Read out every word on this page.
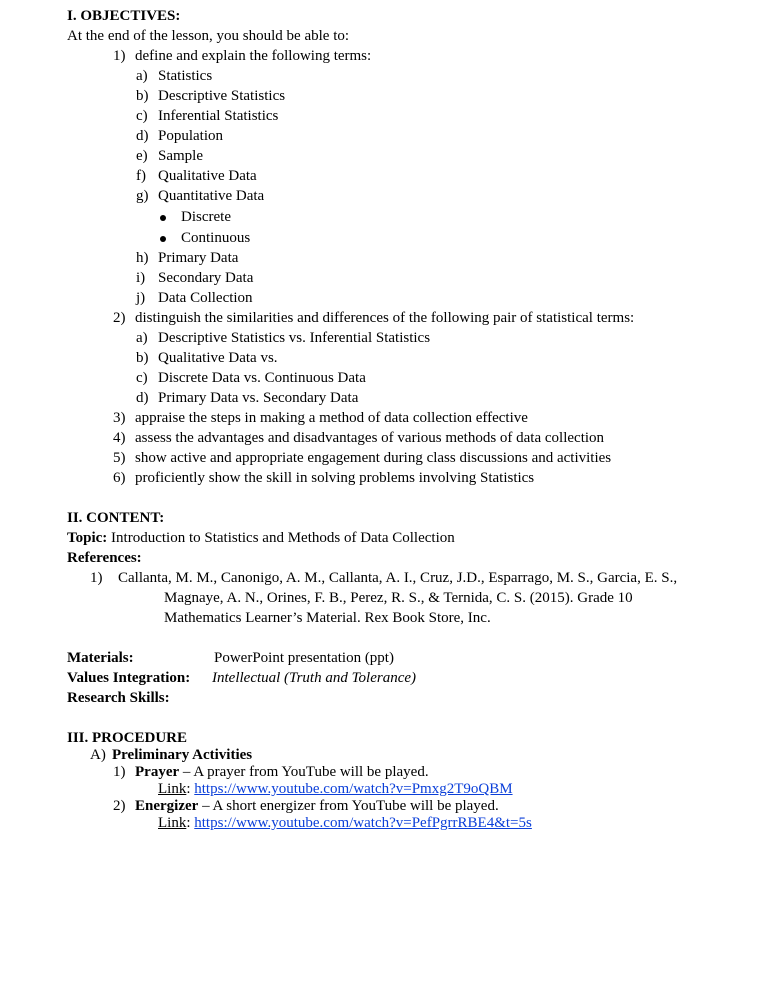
I. OBJECTIVES:
At the end of the lesson, you should be able to:
1) define and explain the following terms:
a) Statistics
b) Descriptive Statistics
c) Inferential Statistics
d) Population
e) Sample
f) Qualitative Data
g) Quantitative Data
Discrete
Continuous
h) Primary Data
i) Secondary Data
j) Data Collection
2) distinguish the similarities and differences of the following pair of statistical terms:
a) Descriptive Statistics vs. Inferential Statistics
b) Qualitative Data vs.
c) Discrete Data vs. Continuous Data
d) Primary Data vs. Secondary Data
3) appraise the steps in making a method of data collection effective
4) assess the advantages and disadvantages of various methods of data collection
5) show active and appropriate engagement during class discussions and activities
6) proficiently show the skill in solving problems involving Statistics
II. CONTENT:
Topic: Introduction to Statistics and Methods of Data Collection
References:
1) Callanta, M. M., Canonigo, A. M., Callanta, A. I., Cruz, J.D., Esparrago, M. S., Garcia, E. S.,
Magnaye, A. N., Orines, F. B., Perez, R. S., & Ternida, C. S. (2015). Grade 10
Mathematics Learner’s Material. Rex Book Store, Inc.
Materials:	PowerPoint presentation (ppt)
Values Integration: Intellectual (Truth and Tolerance)
Research Skills:
III. PROCEDURE
A) Preliminary Activities
1) Prayer – A prayer from YouTube will be played.
Link: https://www.youtube.com/watch?v=Pmxg2T9oQBM
2) Energizer – A short energizer from YouTube will be played.
Link: https://www.youtube.com/watch?v=PefPgrrRBE4&t=5s
